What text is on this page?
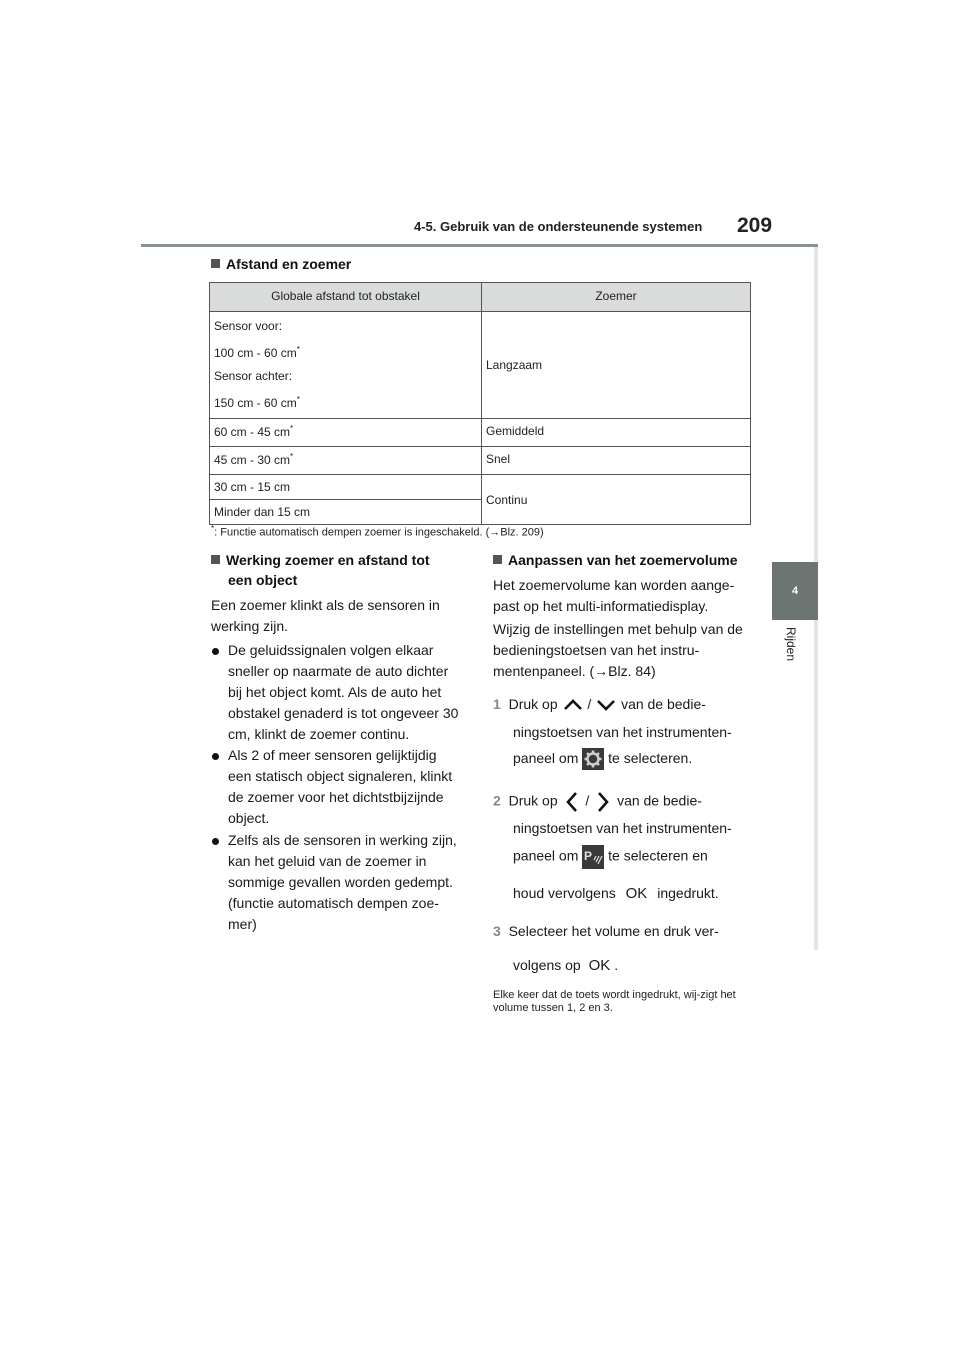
4-5. Gebruik van de ondersteunende systemen 209
4
Rijden
Afstand en zoemer
Globale afstand tot obstakel	Zoemer

Sensor voor:
100 cm - 60 cm*
Sensor achter:
150 cm - 60 cm*	Langzaam
60 cm - 45 cm*	Gemiddeld
45 cm - 30 cm*	Snel
30 cm - 15 cm	Continu
Minder dan 15 cm	
*: Functie automatisch dempen zoemer is ingeschakeld. (→Blz. 209)
Werking zoemer en afstand tot
een object
Een zoemer klinkt als de sensoren in werking zijn.
De geluidssignalen volgen elkaar sneller op naarmate de auto dichter bij het object komt. Als de auto het obstakel genaderd is tot ongeveer 30 cm, klinkt de zoemer continu.
Als 2 of meer sensoren gelijktijdig een statisch object signaleren, klinkt de zoemer voor het dichtstbijzijnde object.
Zelfs als de sensoren in werking zijn, kan het geluid van de zoemer in sommige gevallen worden gedempt. (functie automatisch dempen zoe-mer)
Aanpassen van het zoemervolume
Het zoemervolume kan worden aange-past op het multi-informatiedisplay.
Wijzig de instellingen met behulp van de bedieningstoetsen van het instru-mentenpaneel. (→Blz. 84)
1 Druk op / van de bedie-
ningstoetsen van het instrumenten-
paneel om te selecteren.
2 Druk op / van de bedie-
ningstoetsen van het instrumenten-
paneel om P te selecteren en
houd vervolgens OK ingedrukt.
3 Selecteer het volume en druk ver-
volgens op OK .
Elke keer dat de toets wordt ingedrukt, wij-zigt het volume tussen 1, 2 en 3.
